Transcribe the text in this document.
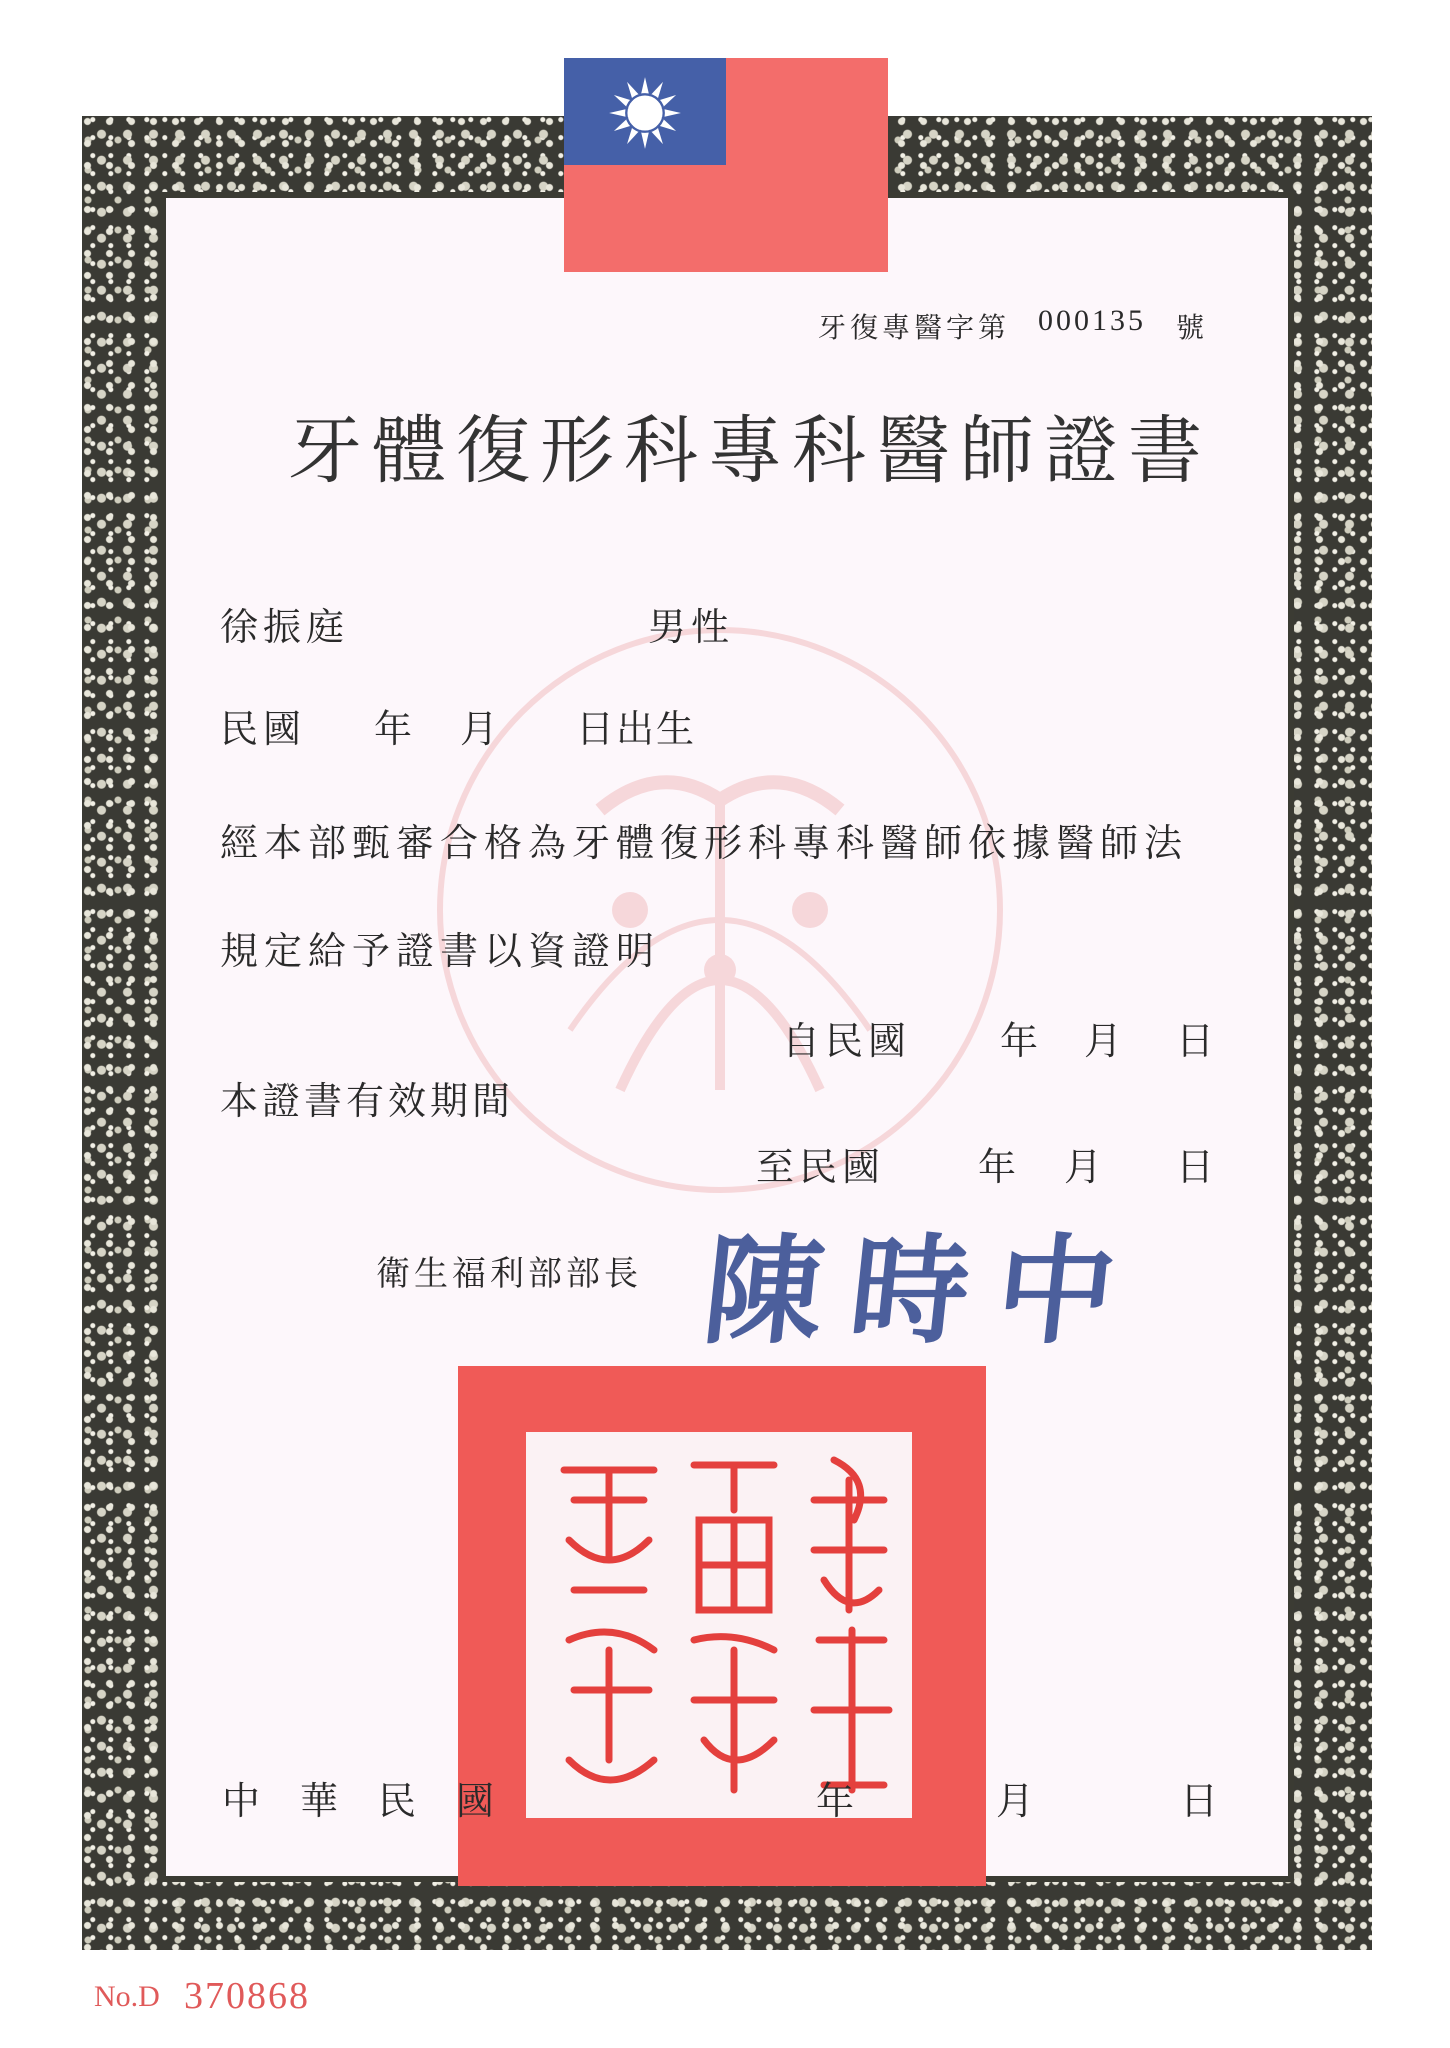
牙復專醫字第 000135 號
牙體復形科專科醫師證書
徐振庭	男性
民國 年 月 日出生
經本部甄審合格為牙體復形科專科醫師依據醫師法
規定給予證書以資證明
本證書有效期間
自民國 年 月 日
至民國 年 月 日
衛生福利部部長 陳時中
中華民國	年	月	日
No.D 370868
